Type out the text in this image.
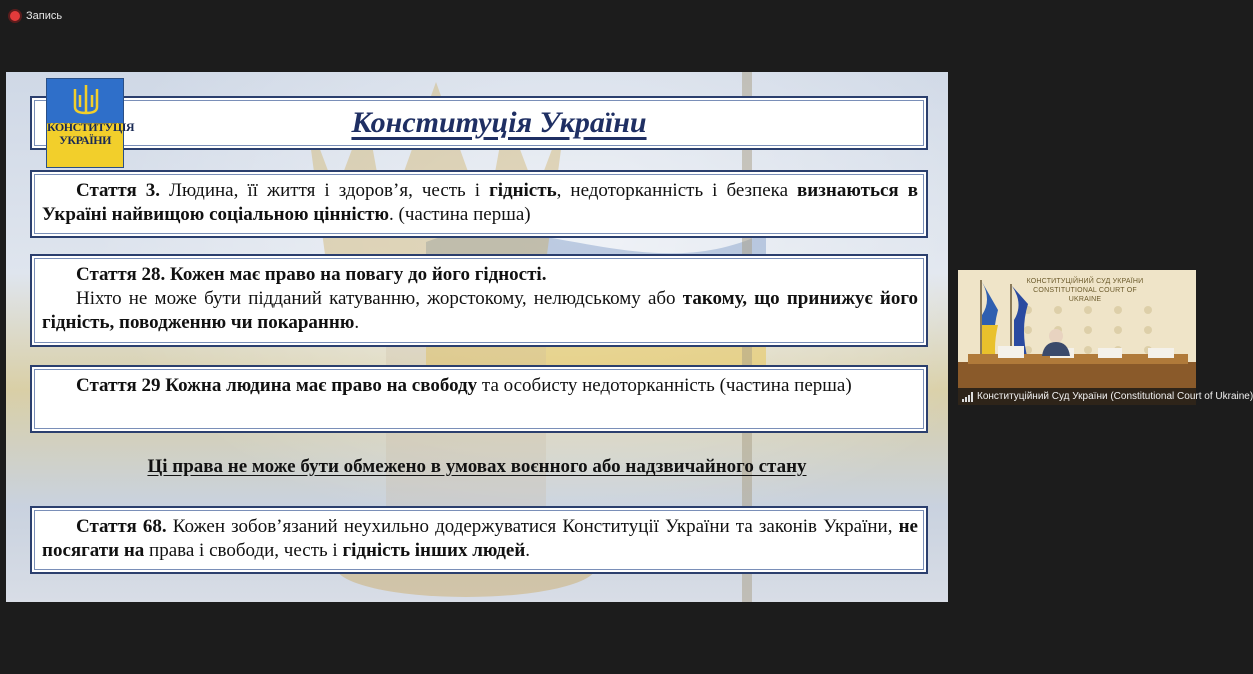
Запись
Конституція України
КОНСТИТУЦІЯ
УКРАЇНИ

Стаття 3. Людина, її життя і здоров’я, честь і гідність, недоторканність і безпека визнаються в Україні найвищою соціальною цінністю. (частина перша)

Стаття 28. Кожен має право на повагу до його гідності.

Ніхто не може бути підданий катуванню, жорстокому, нелюдському або такому, що принижує його гідність, поводженню чи покаранню.

Стаття 29 Кожна людина має право на свободу та особисту недоторканність (частина перша)

Ці права не може бути обмежено в умовах воєнного або надзвичайного стану

Стаття 68. Кожен зобов’язаний неухильно додержуватися Конституції України та законів України, не посягати на права і свободи, честь і гідність інших людей.

КОНСТИТУЦІЙНИЙ СУД УКРАЇНИ
CONSTITUTIONAL COURT OF UKRAINE
Конституційний Суд України (Constitutional Court of Ukraine)
